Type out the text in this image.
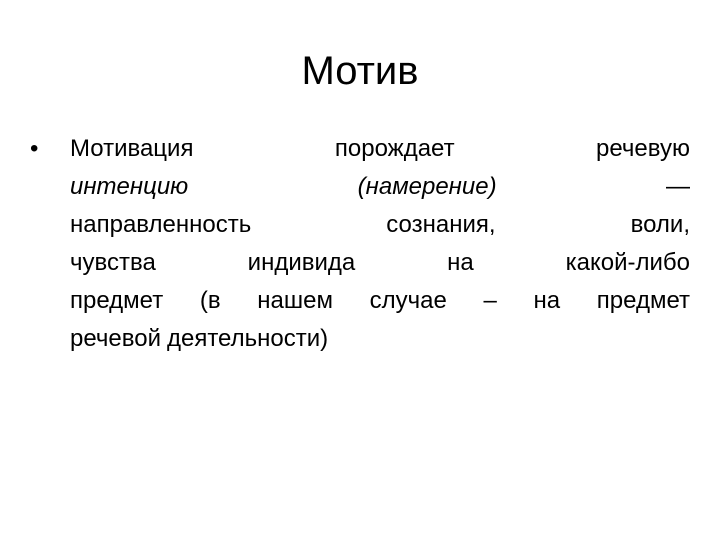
Мотив
• Мотивация	порождает	речевую
интенцию	(намерение)	—
направленность	сознания,	воли,
чувства	индивида	на	какой-либо
предмет (в нашем случае – на предмет
речевой деятельности)
